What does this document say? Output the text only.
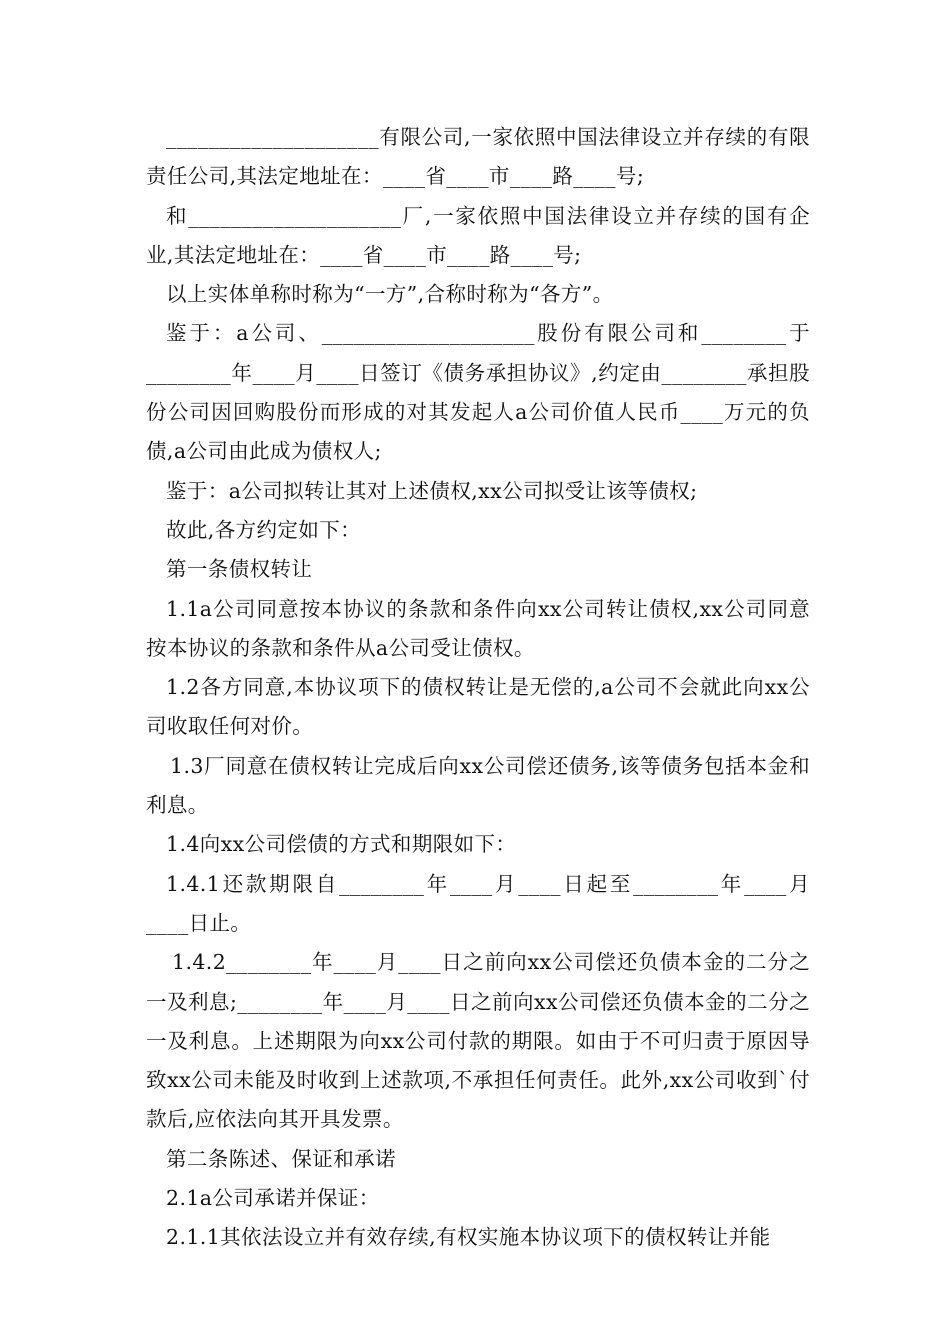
____________________有限公司,一家依照中国法律设立并存续的有限责任公司,其法定地址在：____省____市____路____号;

和____________________厂,一家依照中国法律设立并存续的国有企业,其法定地址在：____省____市____路____号;

以上实体单称时称为“一方”,合称时称为“各方”。

鉴于：a公司、____________________股份有限公司和________于________年____月____日签订《债务承担协议》,约定由________承担股份公司因回购股份而形成的对其发起人a公司价值人民币____万元的负债,a公司由此成为债权人;

鉴于：a公司拟转让其对上述债权,xx公司拟受让该等债权;

故此,各方约定如下：

第一条债权转让

1.1a公司同意按本协议的条款和条件向xx公司转让债权,xx公司同意按本协议的条款和条件从a公司受让债权。

1.2各方同意,本协议项下的债权转让是无偿的,a公司不会就此向xx公司收取任何对价。

1.3厂同意在债权转让完成后向xx公司偿还债务,该等债务包括本金和利息。

1.4向xx公司偿债的方式和期限如下：

1.4.1还款期限自________年____月____日起至________年____月____日止。

1.4.2________年____月____日之前向xx公司偿还负债本金的二分之一及利息;________年____月____日之前向xx公司偿还负债本金的二分之一及利息。上述期限为向xx公司付款的期限。如由于不可归责于原因导致xx公司未能及时收到上述款项,不承担任何责任。此外,xx公司收到`付款后,应依法向其开具发票。

第二条陈述、保证和承诺

2.1a公司承诺并保证：

2.1.1其依法设立并有效存续,有权实施本协议项下的债权转让并能
